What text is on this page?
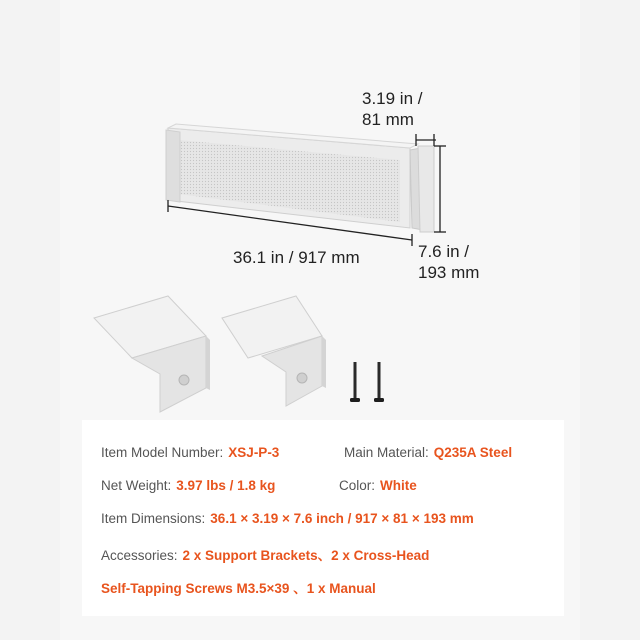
3.19 in /
81 mm
36.1 in / 917 mm	7.6 in /
193 mm
Item Model Number: XSJ-P-3	Main Material: Q235A Steel
Net Weight: 3.97 lbs / 1.8 kg	Color: White
Item Dimensions: 36.1 × 3.19 × 7.6 inch / 917 × 81 × 193 mm
Accessories: 2 x Support Brackets、2 x Cross-Head
Self-Tapping Screws M3.5×39 、1 x Manual
